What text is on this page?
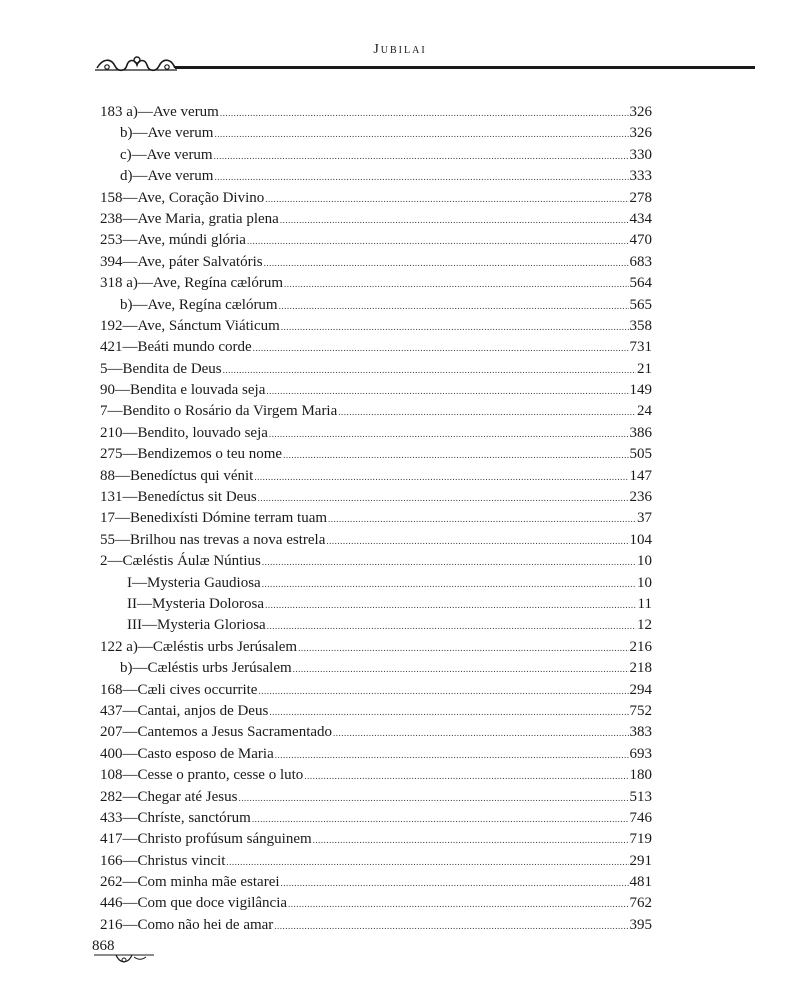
Jubilai
183 a)—Ave verum .....	326
b)—Ave verum .....	326
c)—Ave verum .....	330
d)—Ave verum .....	333
158—Ave, Coração Divino .....	278
238—Ave Maria, gratia plena .....	434
253—Ave, múndi glória .....	470
394—Ave, páter Salvatóris .....	683
318 a)—Ave, Regína cælórum .....	564
b)—Ave, Regína cælórum .....	565
192—Ave, Sánctum Viáticum .....	358
421—Beáti mundo corde .....	731
5—Bendita de Deus .....	21
90—Bendita e louvada seja .....	149
7—Bendito o Rosário da Virgem Maria .....	24
210—Bendito, louvado seja .....	386
275—Bendizemos o teu nome .....	505
88—Benedíctus qui vénit .....	147
131—Benedíctus sit Deus .....	236
17—Benedixísti Dómine terram tuam .....	37
55—Brilhou nas trevas a nova estrela .....	104
2—Cæléstis Áulæ Núntius .....	10
I—Mysteria Gaudiosa .....	10
II—Mysteria Dolorosa .....	11
III—Mysteria Gloriosa .....	12
122 a)—Cæléstis urbs Jerúsalem .....	216
b)—Cæléstis urbs Jerúsalem .....	218
168—Cæli cives occurrite .....	294
437—Cantai, anjos de Deus .....	752
207—Cantemos a Jesus Sacramentado .....	383
400—Casto esposo de Maria .....	693
108—Cesse o pranto, cesse o luto .....	180
282—Chegar até Jesus .....	513
433—Chríste, sanctórum .....	746
417—Christo profúsum sánguinem .....	719
166—Christus vincit .....	291
262—Com minha mãe estarei .....	481
446—Com que doce vigilância .....	762
216—Como não hei de amar .....	395
868
